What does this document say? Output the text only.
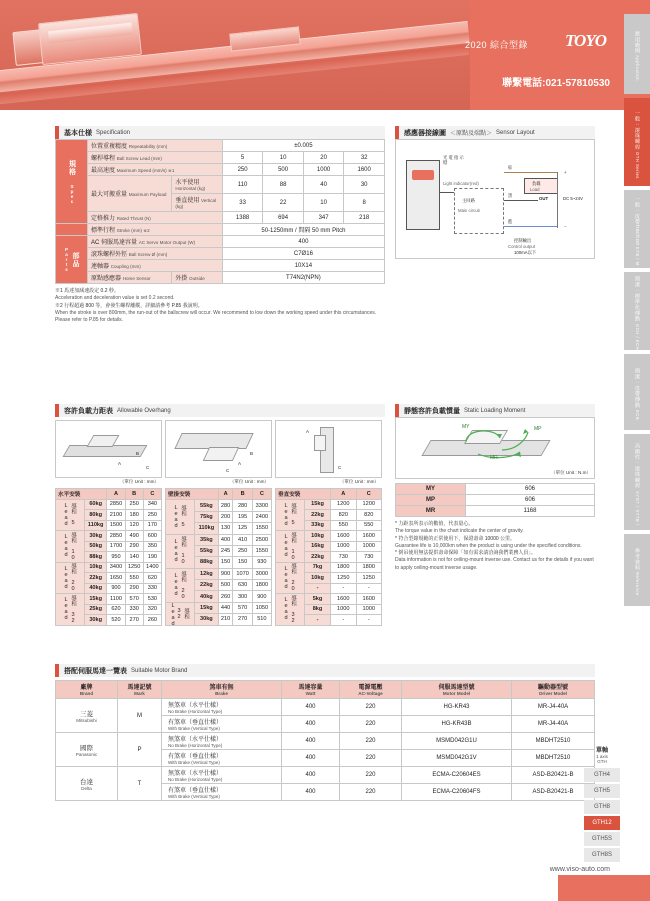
2020 綜合型錄 TOYO
聯繫電話:021-57810530
應用範例 Application
一般 : 滾珠螺桿 GTH Series
一般 : 皮帶traction ETB / M
簡潔 : 標準化傳動 GCH / ECH
簡潔 : 皮帶傳動 ECB
高剛性 : 滾珠螺桿 XYGT / XYTB / XYTB
參考資料 Reference
基本仕様 Specification
規格 Spec	位置重複精度 Repeatability (mm)		±0.005			
	螺桿導程 Ball Screw Lead (mm)		5	10	20	32
	最高速度 Maximum Speed (mm/s) ※1		250	500	1000	1600
	最大可搬重量 Maximum Payload	水平使用 Horizontal (kg)	110	88	40	30
		垂直使用 Vertical (kg)	33	22	10	8
	定格推力 Rated Thrust (N)		1388	694	347	218
	標準行程 Stroke (mm) ※2		50-1250mm / 間隔 50 mm Pitch			
部品 Parts	AC 伺服馬達容量 AC Servo Motor Output (W)		400			
	滾珠螺桿外徑 Ball Screw Ø (mm)		C7Ø16			
	連軸器 Coupling (mm)		10X14			
	原點感應器 Home Sensor	外掛 Outside	T74N2(NPN)			
※1 馬達加減速設定 0.2 秒。
Acceleration and deceleration value is set 0.2 second.
※2 行程超過 800 等，會發生螺桿離縱，詳細請參考 P.85 我說明。
When the stroke is over 800mm, the run-out of the ballscrew will occur. We recommend to low down the working speed under this circumstances. Please refer to P.85 for details.
感應器接線圖 ＜原點及端點＞ Sensor Layout
光 電 指 示 燈
Light indicator(red)
主回路
Main circuit
負載
Load
棕
黑
藍
OUT	DC 5~24V
+
−
控制輸出
Control output
100mA以下
容許負載力距表 Allowable Overhang
A
B
C
A
B
C
A
C
（單位 Unit : mm）	（單位 Unit : mm）	（單位 Unit : mm）
水平安裝		A	B	C
導程 5 Lead	60kg	2850	250	340
	80kg	2100	180	250
	110kg	1500	120	170
導程 10 Lead	30kg	2850	490	600
	50kg	1700	290	350
	88kg	950	140	190
導程 20 Lead	10kg	3400	1250	1400
	22kg	1650	550	620
	40kg	900	290	330
導程 32 Lead	15kg	1100	570	530
	25kg	620	330	320
	30kg	520	270	260
壁掛安裝		A	B	C
導程 5 Lead	55kg	280	280	3300
	75kg	200	195	2400
	110kg	130	125	1550
導程 10 Lead	35kg	400	410	2500
	55kg	245	250	1550
	88kg	150	150	930
導程 20 Lead	12kg	900	1070	3000
	22kg	500	630	1800
	40kg	260	300	900
導程 32 Lead	15kg	440	570	1050
	30kg	210	270	510
垂直安裝		A	C
導程 5 Lead	15kg	1200	1200
	22kg	820	820
	33kg	550	550
導程 10 Lead	10kg	1600	1600
	16kg	1000	1000
	22kg	730	730
導程 20 Lead	7kg	1800	1800
	10kg	1250	1250
	-	-	-
導程 32 Lead	5kg	1600	1600
	8kg	1000	1000
	-	-	-
靜態容許負載慣量 Static Loading Moment
MY	MP
MR
（單位 Unit : N.m）
MY	606
MP	606
MR	1168
* 力距表所表示的數值，代表量心。
The torque value in the chart indicate the center of gravity.
* 符合型錄規範的正常使用下，保證壽命 10000 公里。
Guarantee life is 10,000km when the product is using under the specified conditions.
* 倒吊使用無法提供壽命保障「如有需求請洽詢我們業務人員」。
Data information is not for ceiling-mount inverse use. Contact us for the details if you want to apply ceiling-mount inverse usage.
搭配伺服馬達一覽表 Suitable Motor Brand
廠牌
Brand	馬達記號
Mark	煞車有無
Brake	馬達容量
Watt	電源電壓
AC-Voltage	伺服馬達型號
Motor Model	驅動器型號
Driver Model
三菱
Mitsubishi	M	無煞車（水平仕樣）
No Brake (Horizontal Type)	400	220	HG-KR43	MR-J4-40A
		有煞車（垂直仕樣）
With Brake (Vertical Type)	400	220	HG-KR43B	MR-J4-40A
國際
Panasonic	P	無煞車（水平仕樣）
No Brake (Horizontal Type)	400	220	MSMD042G1U	MBDHT2510
		有煞車（垂直仕樣）
With Brake (Vertical Type)	400	220	MSMD042G1V	MBDHT2510
台達
Delta	T	無煞車（水平仕樣）
No Brake (Horizontal Type)	400	220	ECMA-C20604ES	ASD-B20421-B
		有煞車（垂直仕樣）
With Brake (Vertical Type)	400	220	ECMA-C20604FS	ASD-B20421-B
單軸
1 axis
GTH
GTH4
GTH5
GTH8
GTH12
GTH5S
GTH8S
www.viso-auto.com
